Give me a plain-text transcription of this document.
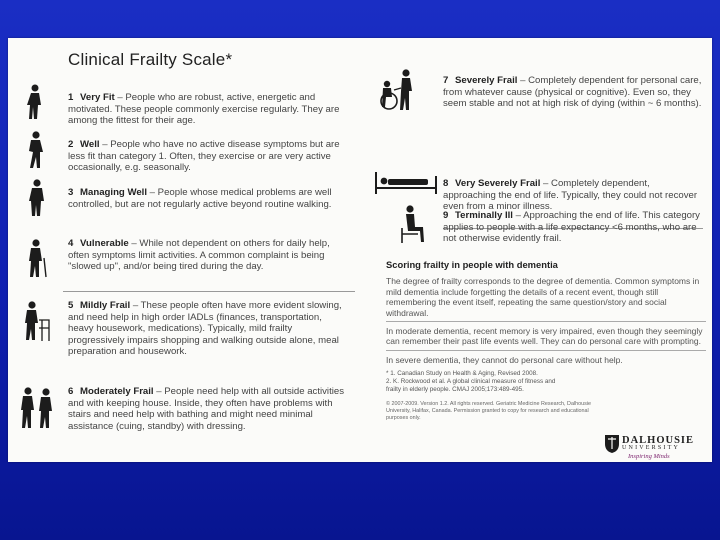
Clinical Frailty Scale*
1 Very Fit – People who are robust, active, energetic and motivated. These people commonly exercise regularly. They are among the fittest for their age.
2 Well – People who have no active disease symptoms but are less fit than category 1. Often, they exercise or are very active occasionally, e.g. seasonally.
3 Managing Well – People whose medical problems are well controlled, but are not regularly active beyond routine walking.
4 Vulnerable – While not dependent on others for daily help, often symptoms limit activities. A common complaint is being "slowed up", and/or being tired during the day.
5 Mildly Frail – These people often have more evident slowing, and need help in high order IADLs (finances, transportation, heavy housework, medications). Typically, mild frailty progressively impairs shopping and walking outside alone, meal preparation and housework.
6 Moderately Frail – People need help with all outside activities and with keeping house. Inside, they often have problems with stairs and need help with bathing and might need minimal assistance (cuing, standby) with dressing.
7 Severely Frail – Completely dependent for personal care, from whatever cause (physical or cognitive). Even so, they seem stable and not at high risk of dying (within ~ 6 months).
8 Very Severely Frail – Completely dependent, approaching the end of life. Typically, they could not recover even from a minor illness.
9 Terminally Ill – Approaching the end of life. This category applies to people with a life expectancy <6 months, who are not otherwise evidently frail.
Scoring frailty in people with dementia

The degree of frailty corresponds to the degree of dementia. Common symptoms in mild dementia include forgetting the details of a recent event, though still remembering the event itself, repeating the same question/story and social withdrawal.

In moderate dementia, recent memory is very impaired, even though they seemingly can remember their past life events well. They can do personal care with prompting.

In severe dementia, they cannot do personal care without help.

* 1. Canadian Study on Health & Aging, Revised 2008.
2. K. Rockwood et al. A global clinical measure of fitness and
frailty in elderly people. CMAJ 2005;173:489-495.
© 2007-2009. Version 1.2. All rights reserved. Geriatric Medicine Research, Dalhousie University, Halifax, Canada. Permission granted to copy for research and educational purposes only.
DALHOUSIE
UNIVERSITY
Inspiring Minds
